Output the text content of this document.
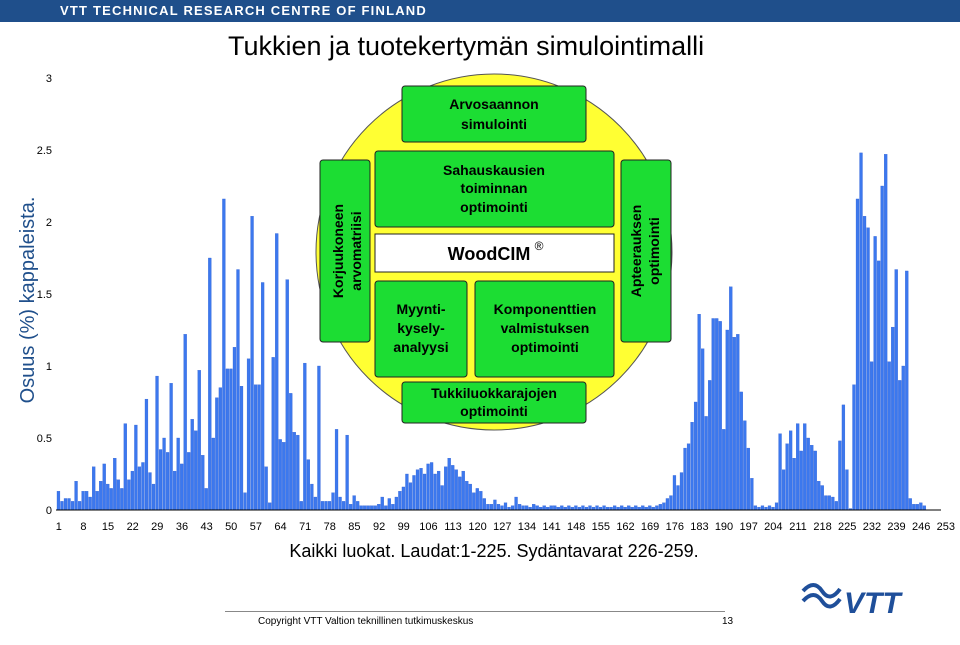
VTT TECHNICAL RESEARCH CENTRE OF FINLAND
Tukkien ja tuotekertymän simulointimalli
0
0.5
1
1.5
2
2.5
3
1 8 15 22 29 36 43 50 57 64 71 78 85 92 99 106 113 120 127 134 141 148 155 162 169 176 183 190 197 204 211 218 225 232 239 246 253
Osuus (%) kappaleista.
Kaikki luokat. Laudat:1-225. Sydäntavarat 226-259.
Arvosaannon
simulointi
Sahauskausien
toiminnan
optimointi
WoodCIM ®
Myynti-
kysely-
analyysi
Komponenttien
valmistuksen
optimointi
Tukkiluokkarajojen
optimointi
Korjuukoneen arvomatriisi	Apteerauksen optimointi
Copyright VTT Valtion teknillinen tutkimuskeskus	13
VTT
